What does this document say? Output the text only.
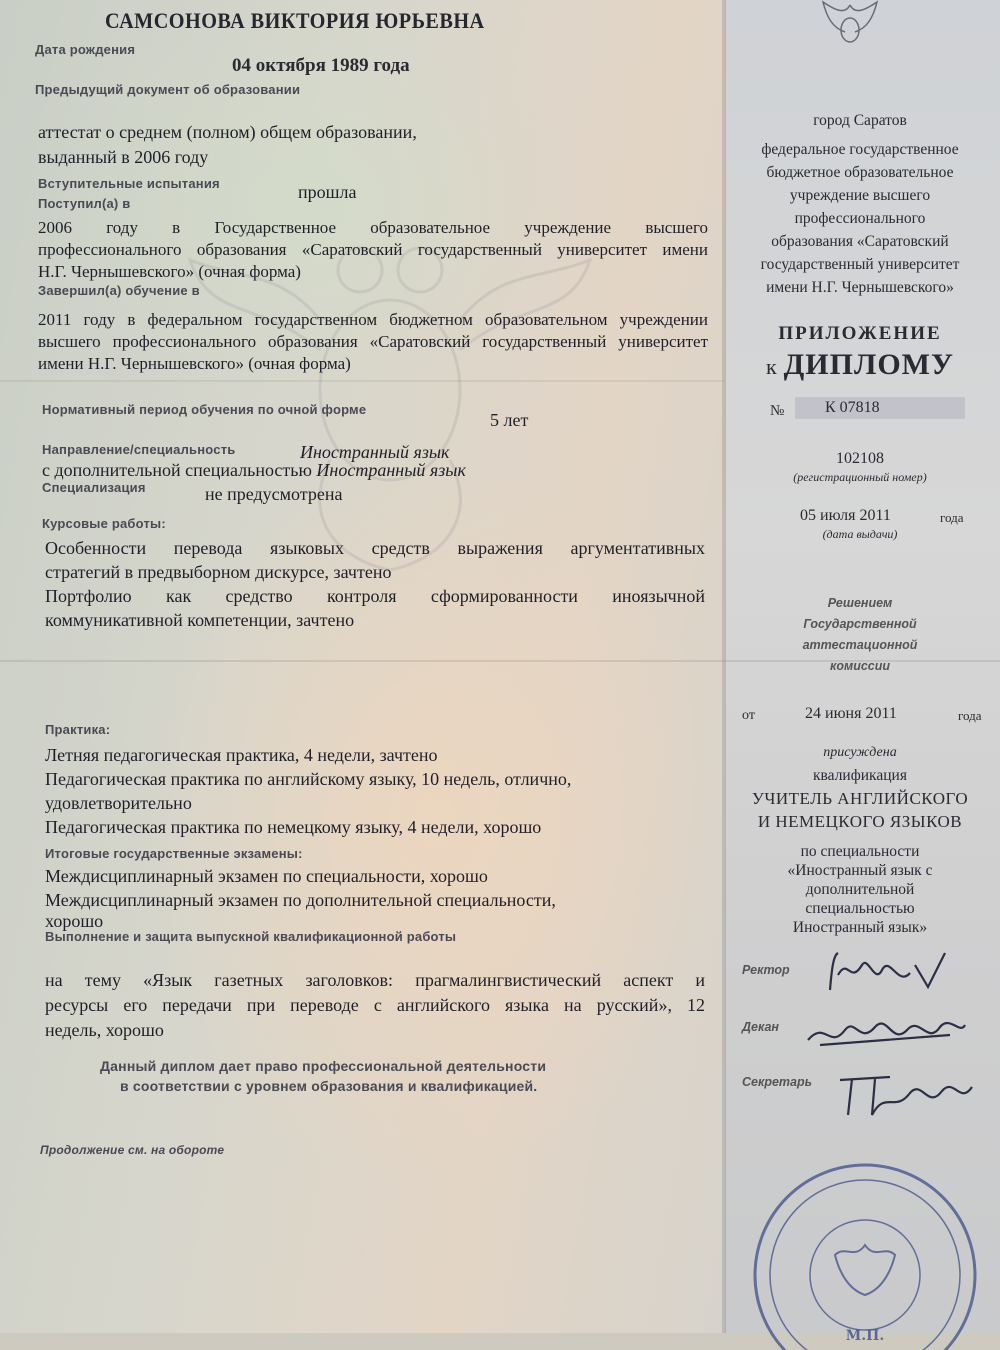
САМСОНОВА ВИКТОРИЯ ЮРЬЕВНА
Дата рождения
04 октября 1989 года
Предыдущий документ об образовании
аттестат о среднем (полном) общем образовании,
выданный в 2006 году
Вступительные испытания	прошла
Поступил(а) в
2006 году в Государственное образовательное учреждение высшего
профессионального образования «Саратовский государственный университет имени
Н.Г. Чернышевского» (очная форма)
Завершил(а) обучение в
2011 году в федеральном государственном бюджетном образовательном учреждении
высшего профессионального образования «Саратовский государственный университет
имени Н.Г. Чернышевского» (очная форма)
Нормативный период обучения по очной форме
5 лет
Направление/специальность	Иностранный язык
с дополнительной специальностью Иностранный язык
Специализация	не предусмотрена
Курсовые работы:
Особенности перевода языковых средств выражения аргументативных
стратегий в предвыборном дискурсе, зачтено
Портфолио как средство контроля сформированности иноязычной
коммуникативной компетенции, зачтено
Практика:
Летняя педагогическая практика, 4 недели, зачтено
Педагогическая практика по английскому языку, 10 недель, отлично,
удовлетворительно
Педагогическая практика по немецкому языку, 4 недели, хорошо
Итоговые государственные экзамены:
Междисциплинарный экзамен по специальности, хорошо
Междисциплинарный экзамен по дополнительной специальности,
хорошо
Выполнение и защита выпускной квалификационной работы
на тему «Язык газетных заголовков: прагмалингвистический аспект и
ресурсы его передачи при переводе с английского языка на русский», 12
недель, хорошо
Данный диплом дает право профессиональной деятельности
в соответствии с уровнем образования и квалификацией.
Продолжение см. на обороте
город Саратов
федеральное государственное
бюджетное образовательное
учреждение высшего
профессионального
образования «Саратовский
государственный университет
имени Н.Г. Чернышевского»
ПРИЛОЖЕНИЕ
к ДИПЛОМУ
№	К 07818
102108
(регистрационный номер)
05 июля 2011	года
(дата выдачи)
Решением
Государственной
аттестационной
комиссии
от	24 июня 2011	года
присуждена
квалификация
УЧИТЕЛЬ АНГЛИЙСКОГО
И НЕМЕЦКОГО ЯЗЫКОВ
по специальности
«Иностранный язык с
дополнительной
специальностью
Иностранный язык»
Ректор
Декан
Секретарь
М.П.
